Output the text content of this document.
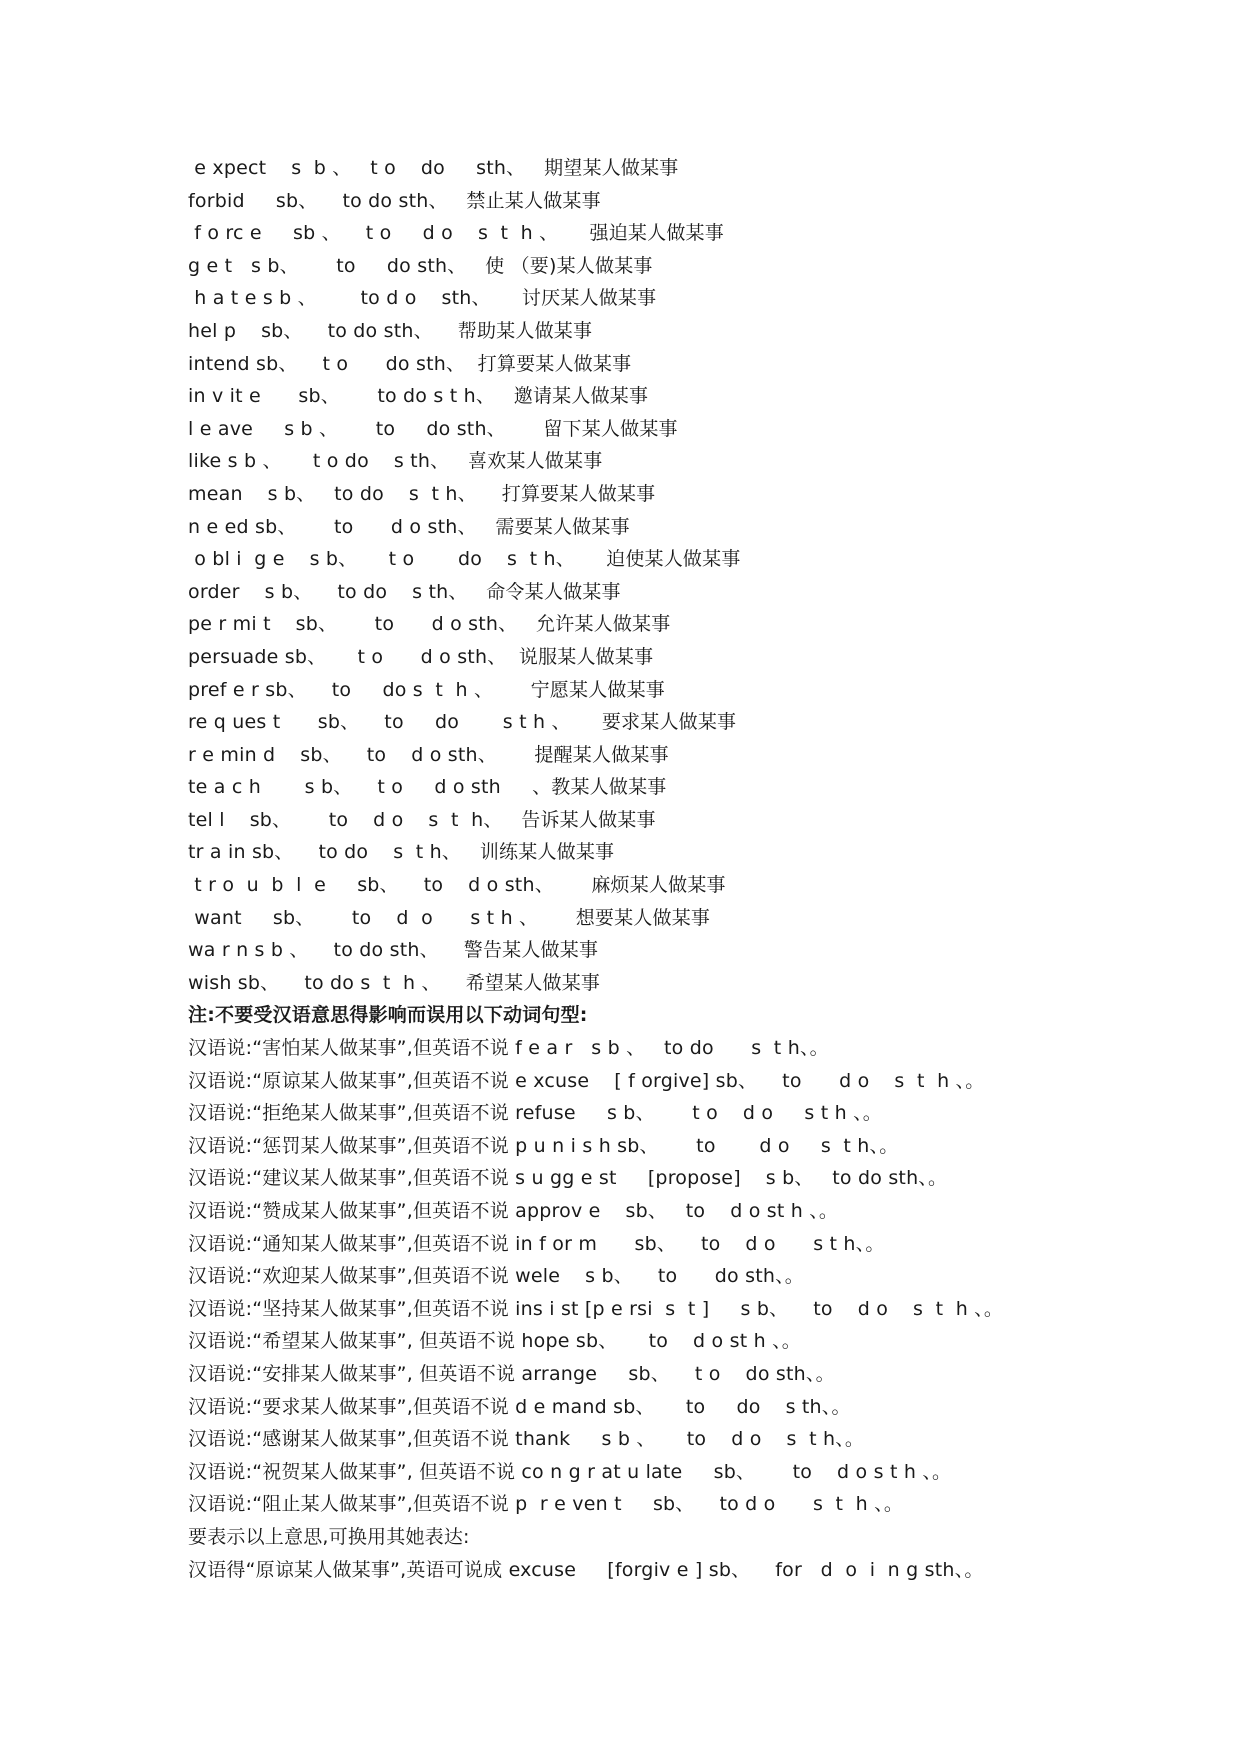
e xpect    s  b 、   t o    do     sth、   期望某人做某事
forbid     sb、    to do sth、   禁止某人做某事
f o rc e     sb 、    t o     d o    s  t  h 、     强迫某人做某事
g e t   s b、      to     do sth、   使 （要)某人做某事
h a t e s b 、       to d o    sth、     讨厌某人做某事
hel p    sb、    to do sth、    帮助某人做某事
intend sb、    t o      do sth、  打算要某人做某事
in v it e      sb、      to do s t h、   邀请某人做某事
l e ave     s b 、      to     do sth、      留下某人做某事
like s b 、     t o do    s th、   喜欢某人做某事
mean    s b、   to do    s  t h、    打算要某人做某事
n e ed sb、      to      d o sth、   需要某人做某事
o bl i  g e    s b、     t o       do    s  t h、     迫使某人做某事
order    s b、    to do    s th、   命令某人做某事
pe r mi t    sb、      to      d o sth、   允许某人做某事
persuade sb、     t o      d o sth、  说服某人做某事
pref e r sb、    to     do s  t  h 、      宁愿某人做某事
re q ues t      sb、    to     do       s t h 、     要求某人做某事
r e min d    sb、    to    d o sth、      提醒某人做某事
te a c h       s b、    t o     d o sth     、教某人做某事
tel l    sb、      to    d o    s  t  h、   告诉某人做某事
tr a in sb、    to do    s  t h、   训练某人做某事
t r o  u  b  l  e     sb、    to    d o sth、      麻烦某人做某事
want     sb、      to    d  o      s t h 、      想要某人做某事
wa r n s b 、    to do sth、    警告某人做某事
wish sb、    to do s  t  h 、    希望某人做某事
注:不要受汉语意思得影响而误用以下动词句型:
汉语说:“害怕某人做某事”,但英语不说 f e a r   s b 、   to do      s  t h、。
汉语说:“原谅某人做某事”,但英语不说 e xcuse    [ f orgive] sb、    to      d o    s  t  h 、。
汉语说:“拒绝某人做某事”,但英语不说 refuse     s b、      t o    d o     s t h 、。
汉语说:“惩罚某人做某事”,但英语不说 p u n i s h sb、      to       d o     s  t h、。
汉语说:“建议某人做某事”,但英语不说 s u gg e st     [propose]    s b、   to do sth、。
汉语说:“赞成某人做某事”,但英语不说 approv e    sb、   to    d o st h 、。
汉语说:“通知某人做某事”,但英语不说 in f or m      sb、    to    d o      s t h、。
汉语说:“欢迎某人做某事”,但英语不说 wele    s b、    to      do sth、。
汉语说:“坚持某人做某事”,但英语不说 ins i st [p e rsi  s  t ]     s b、    to    d o    s  t  h 、。
汉语说:“希望某人做某事”, 但英语不说 hope sb、     to    d o st h 、。
汉语说:“安排某人做某事”, 但英语不说 arrange     sb、    t o    do sth、。
汉语说:“要求某人做某事”,但英语不说 d e mand sb、     to     do    s th、。
汉语说:“感谢某人做某事”,但英语不说 thank     s b 、     to    d o    s  t h、。
汉语说:“祝贺某人做某事”, 但英语不说 co n g r at u late     sb、      to    d o s t h 、。
汉语说:“阻止某人做某事”,但英语不说 p  r e ven t     sb、    to d o      s  t  h 、。
要表示以上意思,可换用其她表达:
汉语得“原谅某人做某事”,英语可说成 excuse     [forgiv e ] sb、    for   d  o  i  n g sth、。
